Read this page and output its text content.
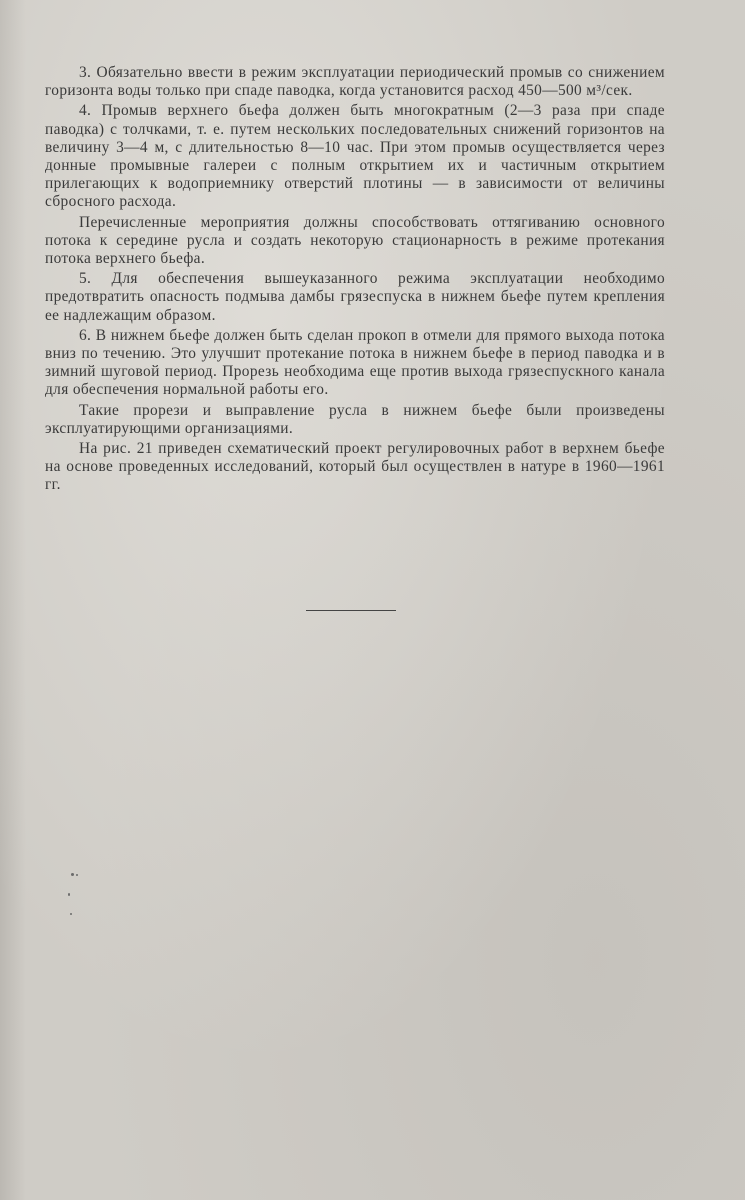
3. Обязательно ввести в режим эксплуатации периодический промыв со снижением горизонта воды только при спаде паводка, когда установится расход 450—500 м³/сек.

4. Промыв верхнего бьефа должен быть многократным (2—3 раза при спаде паводка) с толчками, т. е. путем нескольких последовательных снижений горизонтов на величину 3—4 м, с длительностью 8—10 час. При этом промыв осуществляется через донные промывные галереи с полным открытием их и частичным открытием прилегающих к водоприемнику отверстий плотины — в зависимости от величины сбросного расхода.

Перечисленные мероприятия должны способствовать оттягиванию основного потока к середине русла и создать некоторую стационарность в режиме протекания потока верхнего бьефа.

5. Для обеспечения вышеуказанного режима эксплуатации необходимо предотвратить опасность подмыва дамбы грязеспуска в нижнем бьефе путем крепления ее надлежащим образом.

6. В нижнем бьефе должен быть сделан прокоп в отмели для прямого выхода потока вниз по течению. Это улучшит протекание потока в нижнем бьефе в период паводка и в зимний шуговой период. Прорезь необходима еще против выхода грязеспускного канала для обеспечения нормальной работы его.

Такие прорези и выправление русла в нижнем бьефе были произведены эксплуатирующими организациями.

На рис. 21 приведен схематический проект регулировочных работ в верхнем бьефе на основе проведенных исследований, который был осуществлен в натуре в 1960—1961 гг.
